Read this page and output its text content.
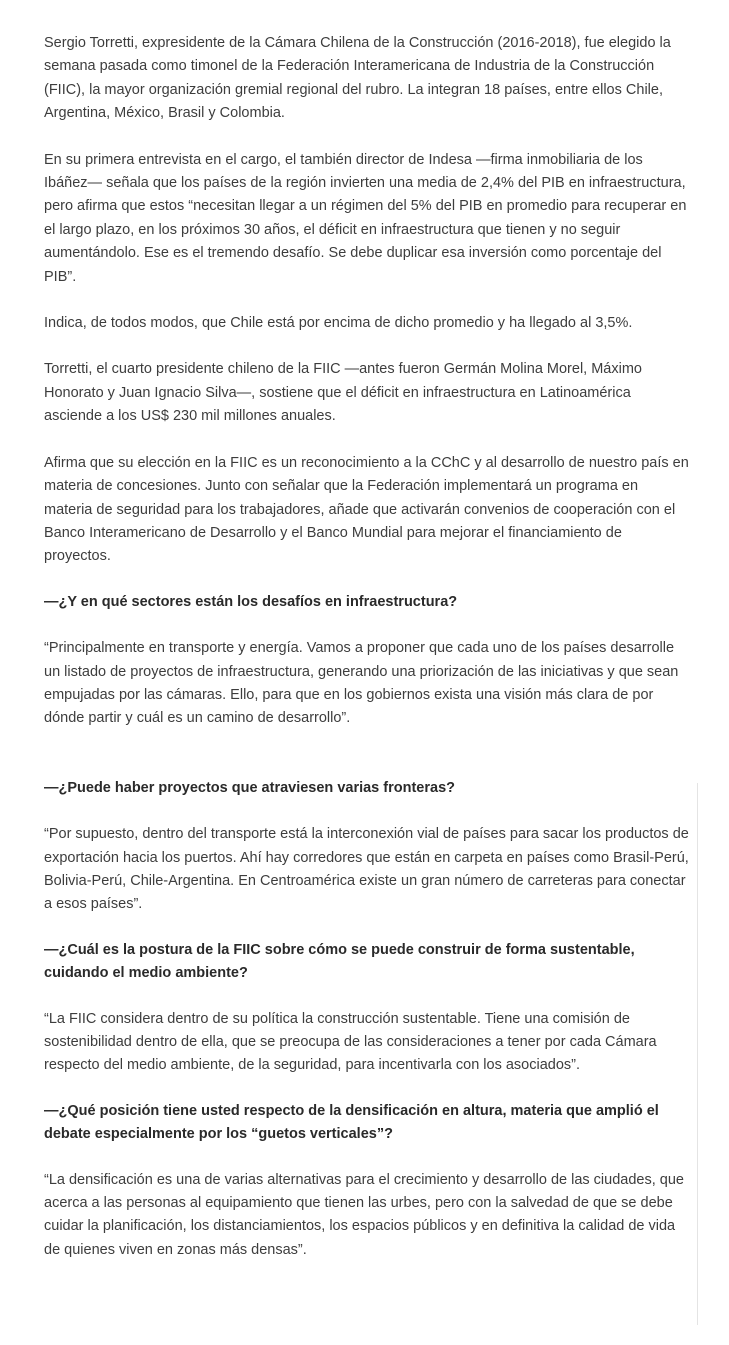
Sergio Torretti, expresidente de la Cámara Chilena de la Construcción (2016-2018), fue elegido la semana pasada como timonel de la Federación Interamericana de Industria de la Construcción (FIIC), la mayor organización gremial regional del rubro. La integran 18 países, entre ellos Chile, Argentina, México, Brasil y Colombia.

En su primera entrevista en el cargo, el también director de Indesa —firma inmobiliaria de los Ibáñez— señala que los países de la región invierten una media de 2,4% del PIB en infraestructura, pero afirma que estos “necesitan llegar a un régimen del 5% del PIB en promedio para recuperar en el largo plazo, en los próximos 30 años, el déficit en infraestructura que tienen y no seguir aumentándolo. Ese es el tremendo desafío. Se debe duplicar esa inversión como porcentaje del PIB”.

Indica, de todos modos, que Chile está por encima de dicho promedio y ha llegado al 3,5%.

Torretti, el cuarto presidente chileno de la FIIC —antes fueron Germán Molina Morel, Máximo Honorato y Juan Ignacio Silva—, sostiene que el déficit en infraestructura en Latinoamérica asciende a los US$ 230 mil millones anuales.

Afirma que su elección en la FIIC es un reconocimiento a la CChC y al desarrollo de nuestro país en materia de concesiones. Junto con señalar que la Federación implementará un programa en materia de seguridad para los trabajadores, añade que activarán convenios de cooperación con el Banco Interamericano de Desarrollo y el Banco Mundial para mejorar el financiamiento de proyectos.

—¿Y en qué sectores están los desafíos en infraestructura?

“Principalmente en transporte y energía. Vamos a proponer que cada uno de los países desarrolle un listado de proyectos de infraestructura, generando una priorización de las iniciativas y que sean empujadas por las cámaras. Ello, para que en los gobiernos exista una visión más clara de por dónde partir y cuál es un camino de desarrollo”.

—¿Puede haber proyectos que atraviesen varias fronteras?

“Por supuesto, dentro del transporte está la interconexión vial de países para sacar los productos de exportación hacia los puertos. Ahí hay corredores que están en carpeta en países como Brasil-Perú, Bolivia-Perú, Chile-Argentina. En Centroamérica existe un gran número de carreteras para conectar a esos países”.

—¿Cuál es la postura de la FIIC sobre cómo se puede construir de forma sustentable, cuidando el medio ambiente?

“La FIIC considera dentro de su política la construcción sustentable. Tiene una comisión de sostenibilidad dentro de ella, que se preocupa de las consideraciones a tener por cada Cámara respecto del medio ambiente, de la seguridad, para incentivarla con los asociados”.

—¿Qué posición tiene usted respecto de la densificación en altura, materia que amplió el debate especialmente por los “guetos verticales”?

“La densificación es una de varias alternativas para el crecimiento y desarrollo de las ciudades, que acerca a las personas al equipamiento que tienen las urbes, pero con la salvedad de que se debe cuidar la planificación, los distanciamientos, los espacios públicos y en definitiva la calidad de vida de quienes viven en zonas más densas”.
